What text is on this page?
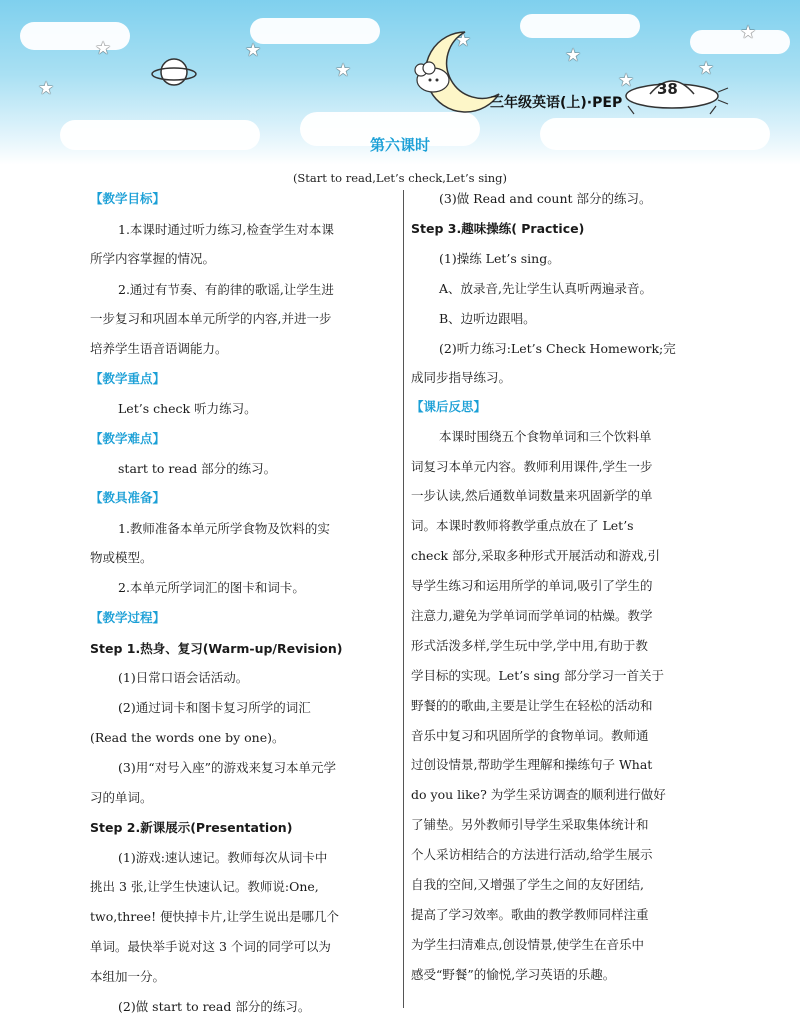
★
★
★
★
★
★
★
★
★
三年级英语(上)·PEP
38
第六课时
(Start to read,Let’s check,Let’s sing)
【教学目标】
1.本课时通过听力练习,检查学生对本课
所学内容掌握的情况。
2.通过有节奏、有韵律的歌谣,让学生进
一步复习和巩固本单元所学的内容,并进一步
培养学生语音语调能力。
【教学重点】
Let’s check 听力练习。
【教学难点】
start to read 部分的练习。
【教具准备】
1.教师准备本单元所学食物及饮料的实
物或模型。
2.本单元所学词汇的图卡和词卡。
【教学过程】
Step 1.热身、复习(Warm-up/Revision)
(1)日常口语会话活动。
(2)通过词卡和图卡复习所学的词汇
(Read the words one by one)。
(3)用“对号入座”的游戏来复习本单元学
习的单词。
Step 2.新课展示(Presentation)
(1)游戏:速认速记。教师每次从词卡中
挑出 3 张,让学生快速认记。教师说:One,
two,three! 便快掉卡片,让学生说出是哪几个
单词。最快举手说对这 3 个词的同学可以为
本组加一分。
(2)做 start to read 部分的练习。
(3)做 Read and count 部分的练习。
Step 3.趣味操练( Practice)
(1)操练 Let’s sing。
A、放录音,先让学生认真听两遍录音。
B、边听边跟唱。
(2)听力练习:Let’s Check Homework;完
成同步指导练习。
【课后反思】
本课时围绕五个食物单词和三个饮料单
词复习本单元内容。教师利用课件,学生一步
一步认读,然后通数单词数量来巩固新学的单
词。本课时教师将教学重点放在了 Let’s
check 部分,采取多种形式开展活动和游戏,引
导学生练习和运用所学的单词,吸引了学生的
注意力,避免为学单词而学单词的枯燥。教学
形式活泼多样,学生玩中学,学中用,有助于教
学目标的实现。Let’s sing 部分学习一首关于
野餐的的歌曲,主要是让学生在轻松的活动和
音乐中复习和巩固所学的食物单词。教师通
过创设情景,帮助学生理解和操练句子 What
do you like? 为学生采访调查的顺利进行做好
了铺垫。另外教师引导学生采取集体统计和
个人采访相结合的方法进行活动,给学生展示
自我的空间,又增强了学生之间的友好团结,
提高了学习效率。歌曲的教学教师同样注重
为学生扫清难点,创设情景,使学生在音乐中
感受“野餐”的愉悦,学习英语的乐趣。
